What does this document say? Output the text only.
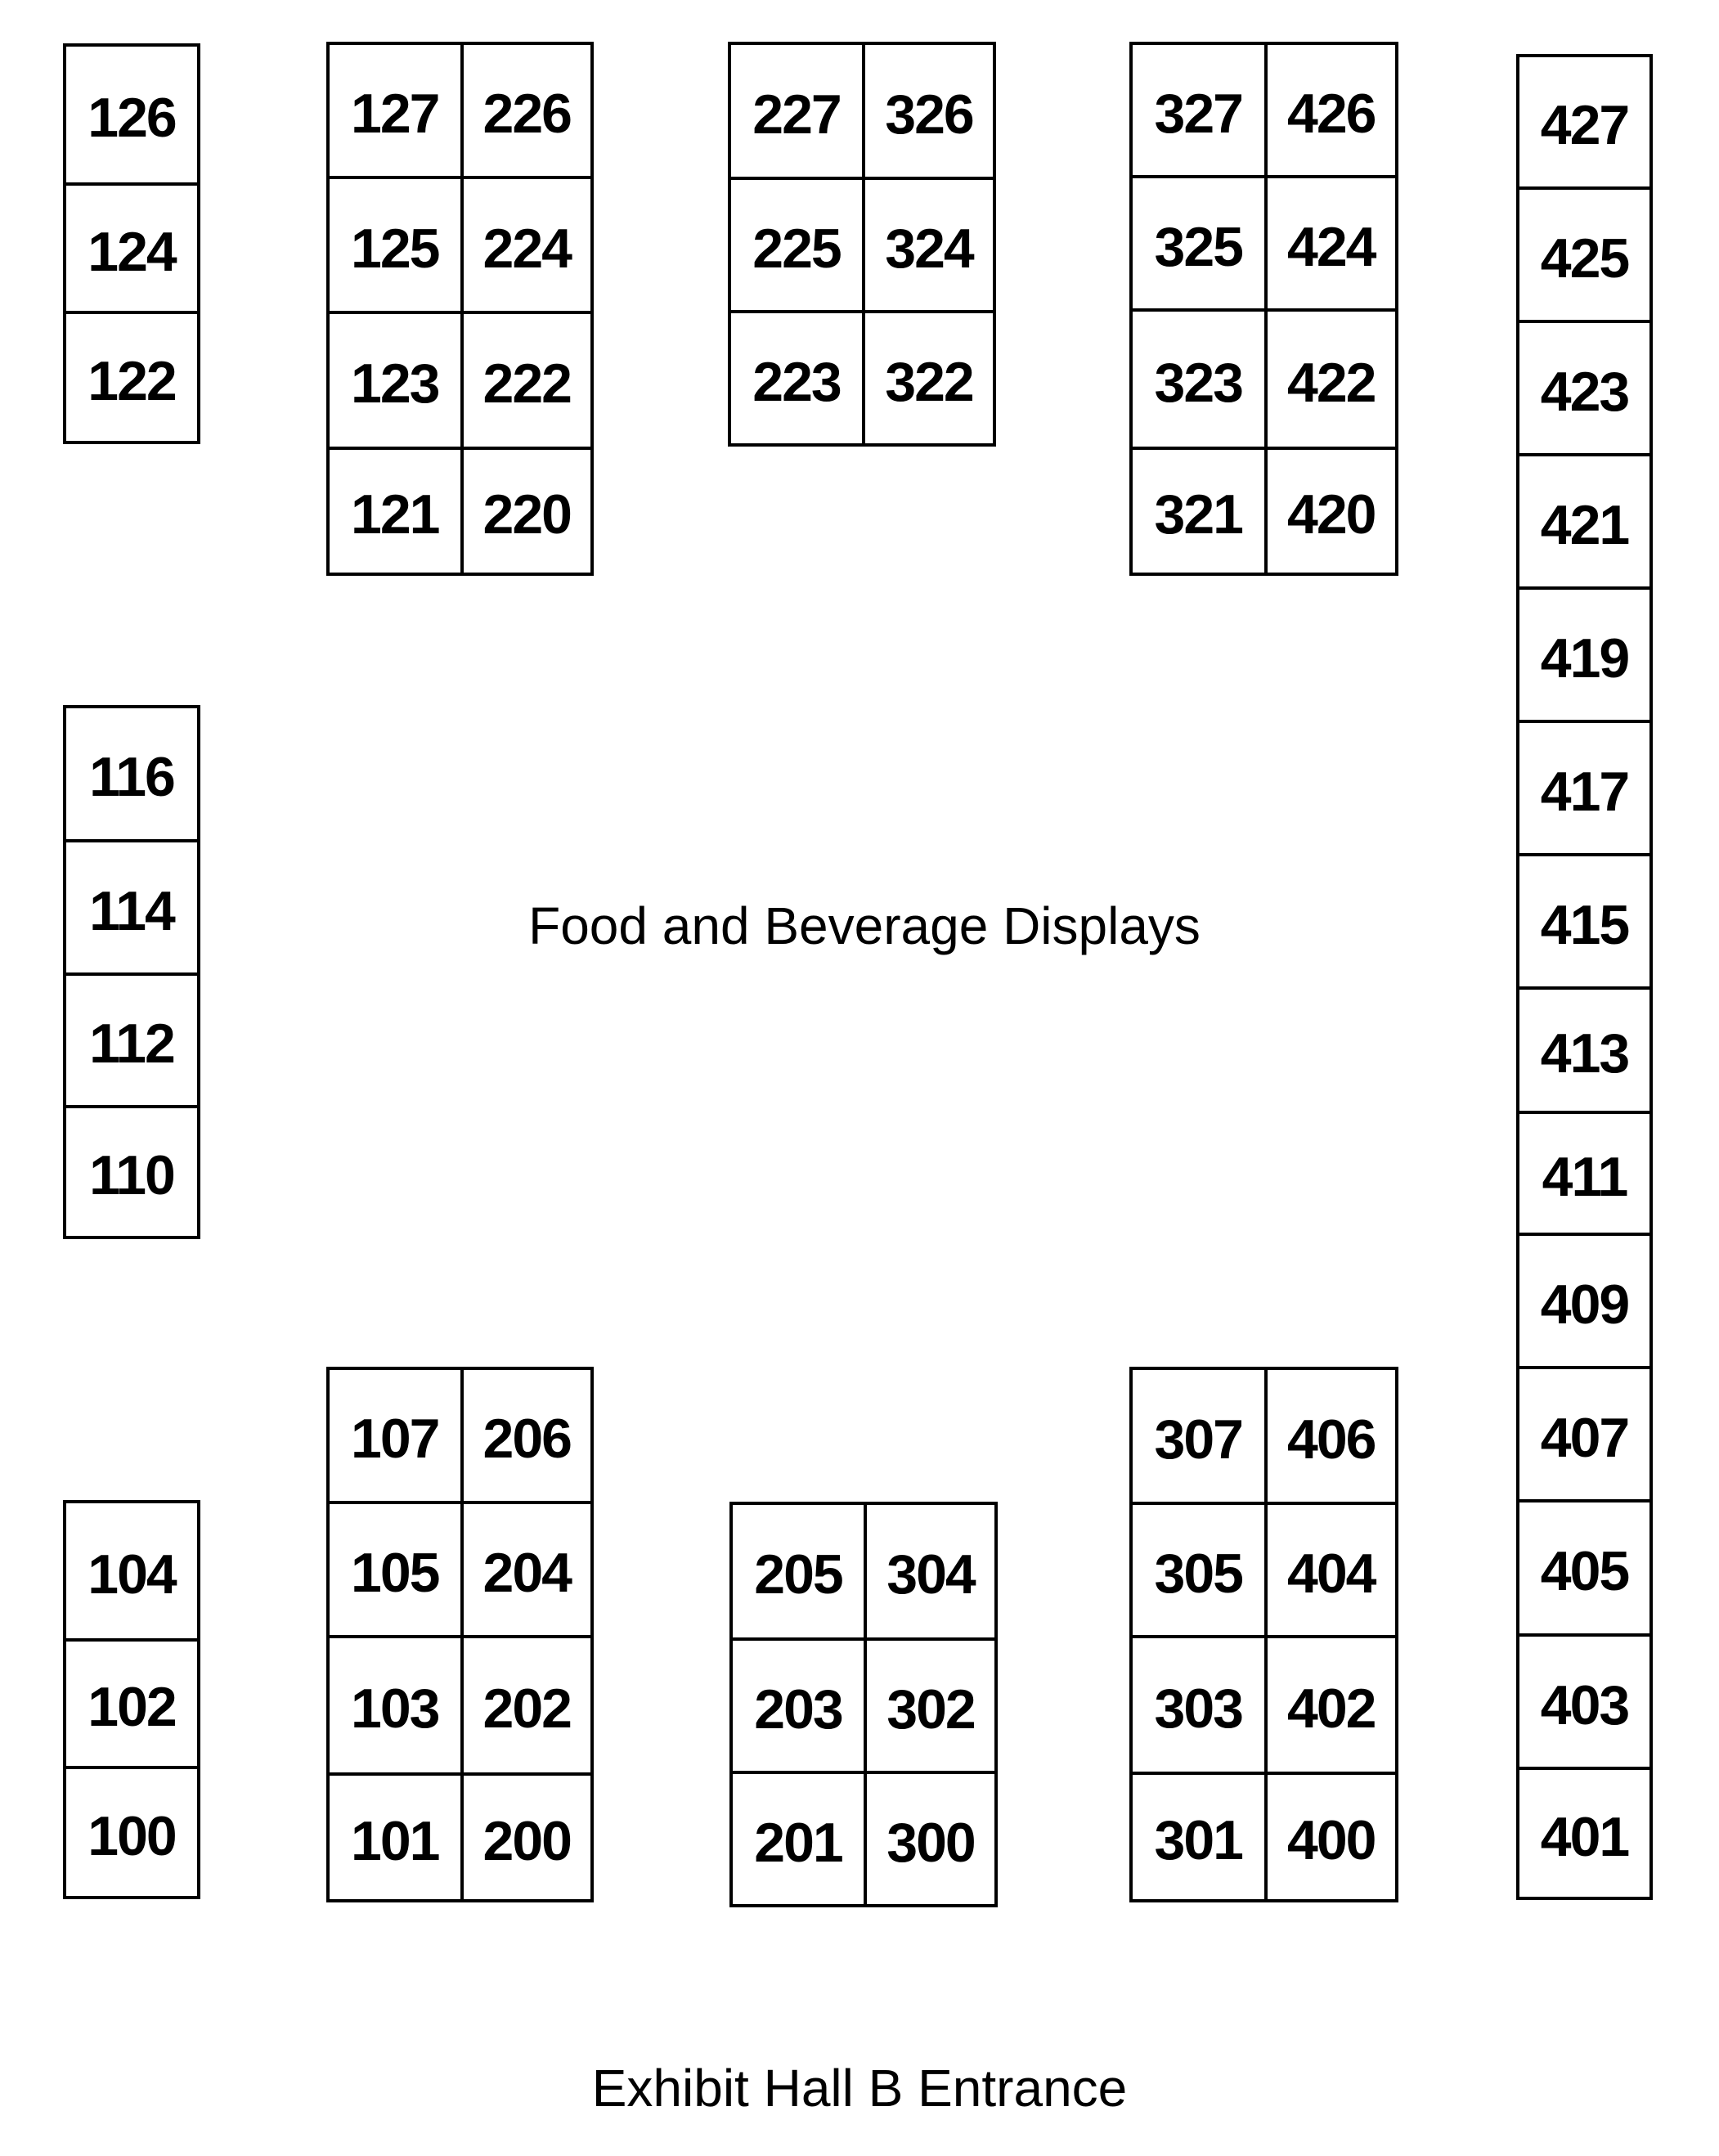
126
124
122
116
114
112
110
104
102
100
127 226
125 224
123 222
121 220
107 206
105 204
103 202
101 200
227 326
225 324
223 322
205 304
203 302
201 300
327 426
325 424
323 422
321 420
307 406
305 404
303 402
301 400
427
425
423
421
419
417
415
413
411
409
407
405
403
401
Food and Beverage Displays
Exhibit Hall B Entrance
